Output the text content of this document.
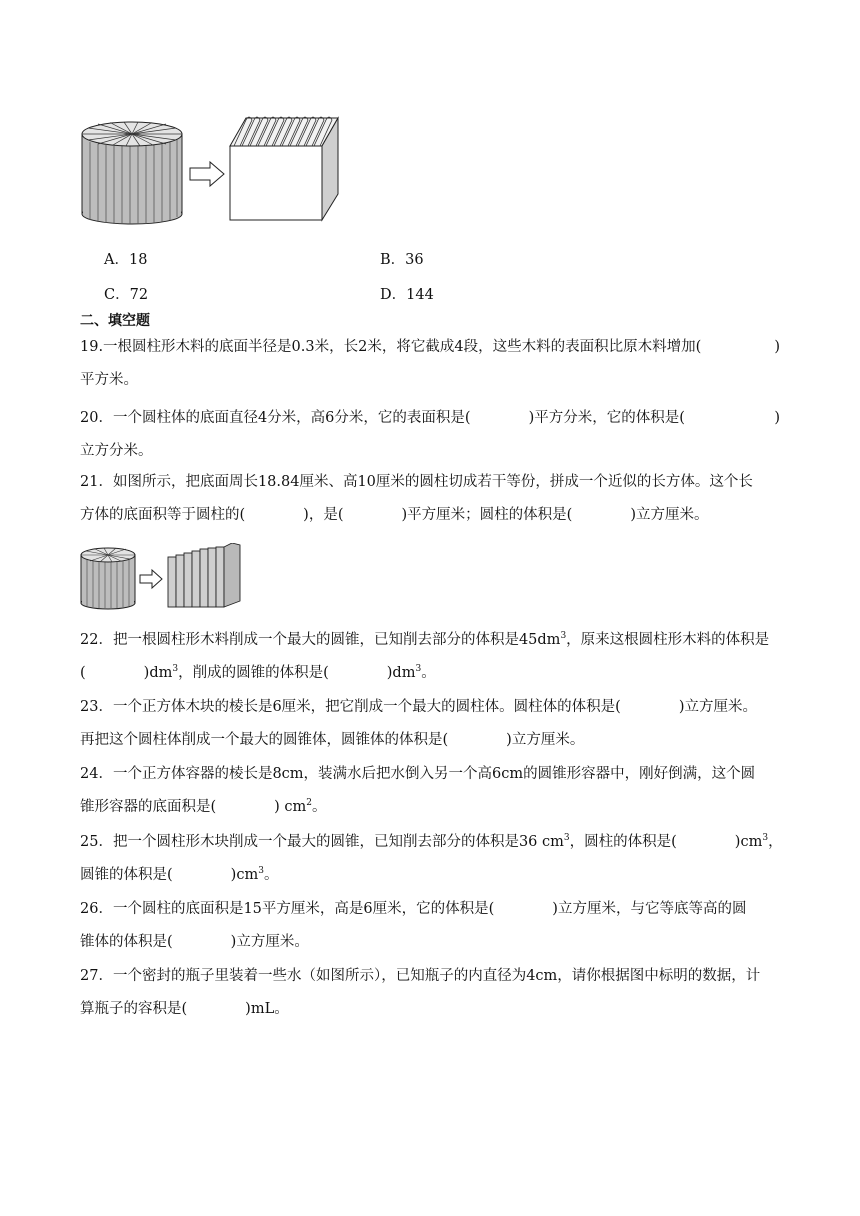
A．18	B．36
C．72	D．144
二、填空题
19.一根圆柱形木料的底面半径是0.3米，长2米，将它截成4段，这些木料的表面积比原木料增加(	)
平方米。
20．一个圆柱体的底面直径4分米，高6分米，它的表面积是(	)平方分米，它的体积是(	)
立方分米。
21．如图所示，把底面周长18.84厘米、高10厘米的圆柱切成若干等份，拼成一个近似的长方体。这个长
方体的底面积等于圆柱的(	)，是(	)平方厘米；圆柱的体积是(	)立方厘米。
22．把一根圆柱形木料削成一个最大的圆锥，已知削去部分的体积是$45dm^3$，原来这根圆柱形木料的体积是
(	)$dm^3$，削成的圆锥的体积是(	)$dm^3$。
23．一个正方体木块的棱长是6厘米，把它削成一个最大的圆柱体。圆柱体的体积是(	)立方厘米。
再把这个圆柱体削成一个最大的圆锥体，圆锥体的体积是(	)立方厘米。
24．一个正方体容器的棱长是8cm，装满水后把水倒入另一个高6cm的圆锥形容器中，刚好倒满，这个圆
锥形容器的底面积是(	) $cm^2$。
25．把一个圆柱形木块削成一个最大的圆锥，已知削去部分的体积是36 $cm^3$，圆柱的体积是(	)$cm^3$ ，
圆锥的体积是(	)$cm^3$。
26．一个圆柱的底面积是15平方厘米，高是6厘米，它的体积是(	)立方厘米，与它等底等高的圆
锥体的体积是(	)立方厘米。
27．一个密封的瓶子里装着一些水（如图所示），已知瓶子的内直径为4cm，请你根据图中标明的数据，计
算瓶子的容积是(	)mL。
